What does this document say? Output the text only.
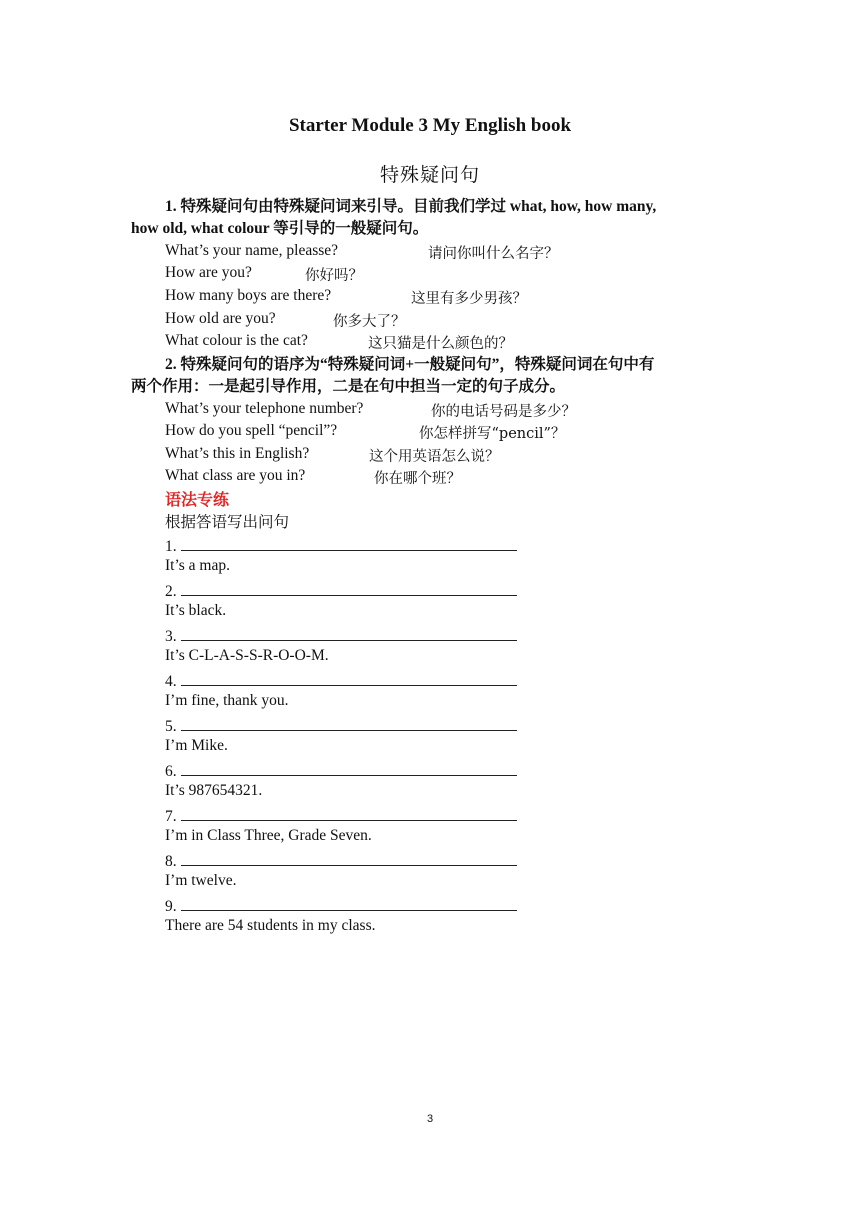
Starter Module 3 My English book
特殊疑问句
1. 特殊疑问句由特殊疑问词来引导。目前我们学过 what, how, how many,
how old, what colour 等引导的一般疑问句。
What’s your name, pleasse?	请问你叫什么名字？
How are you?	你好吗？
How many boys are there?	这里有多少男孩？
How old are you?	你多大了？
What colour is the cat?	这只猫是什么颜色的？
2. 特殊疑问句的语序为“特殊疑问词+一般疑问句”，特殊疑问词在句中有
两个作用：一是起引导作用，二是在句中担当一定的句子成分。
What’s your telephone number?	你的电话号码是多少？
How do you spell “pencil”?	你怎样拼写“pencil”？
What’s this in English?	这个用英语怎么说？
What class are you in?	你在哪个班？
语法专练
根据答语写出问句
1.
It’s a map.
2.
It’s black.
3.
It’s C-L-A-S-S-R-O-O-M.
4.
I’m fine, thank you.
5.
I’m Mike.
6.
It’s 987654321.
7.
I’m in Class Three, Grade Seven.
8.
I’m twelve.
9.
There are 54 students in my class.
3
